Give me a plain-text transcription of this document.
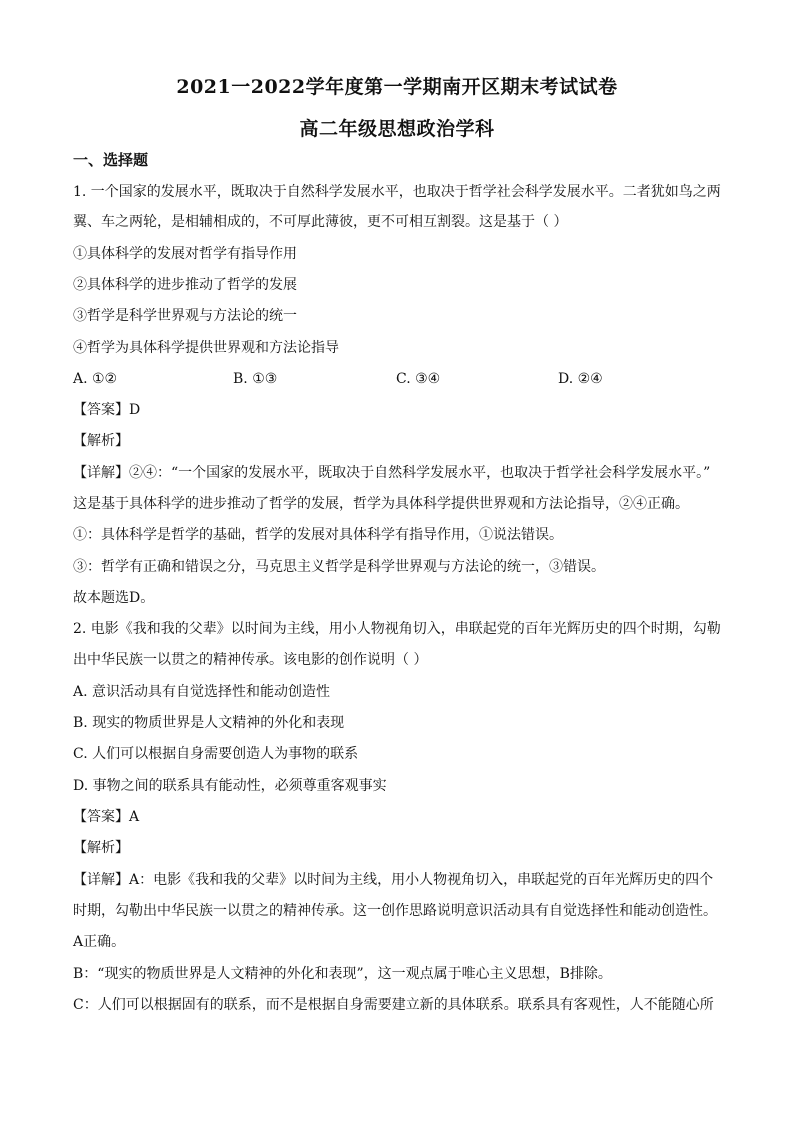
2021一2022学年度第一学期南开区期末考试试卷
高二年级思想政治学科
一、选择题
1. 一个国家的发展水平，既取决于自然科学发展水平，也取决于哲学社会科学发展水平。二者犹如鸟之两
翼、车之两轮，是相辅相成的，不可厚此薄彼，更不可相互割裂。这是基于（ ）
①具体科学的发展对哲学有指导作用
②具体科学的进步推动了哲学的发展
③哲学是科学世界观与方法论的统一
④哲学为具体科学提供世界观和方法论指导
A. ①②	B. ①③	C. ③④	D. ②④
【答案】D
【解析】
【详解】②④：“一个国家的发展水平，既取决于自然科学发展水平，也取决于哲学社会科学发展水平。”
这是基于具体科学的进步推动了哲学的发展，哲学为具体科学提供世界观和方法论指导，②④正确。
①：具体科学是哲学的基础，哲学的发展对具体科学有指导作用，①说法错误。
③：哲学有正确和错误之分，马克思主义哲学是科学世界观与方法论的统一，③错误。
故本题选D。
2. 电影《我和我的父辈》以时间为主线，用小人物视角切入，串联起党的百年光辉历史的四个时期，勾勒
出中华民族一以贯之的精神传承。该电影的创作说明（ ）
A. 意识活动具有自觉选择性和能动创造性
B. 现实的物质世界是人文精神的外化和表现
C. 人们可以根据自身需要创造人为事物的联系
D. 事物之间的联系具有能动性，必须尊重客观事实
【答案】A
【解析】
【详解】A：电影《我和我的父辈》以时间为主线，用小人物视角切入，串联起党的百年光辉历史的四个
时期，勾勒出中华民族一以贯之的精神传承。这一创作思路说明意识活动具有自觉选择性和能动创造性。
A正确。
B：“现实的物质世界是人文精神的外化和表现”，这一观点属于唯心主义思想，B排除。
C：人们可以根据固有的联系，而不是根据自身需要建立新的具体联系。联系具有客观性，人不能随心所
